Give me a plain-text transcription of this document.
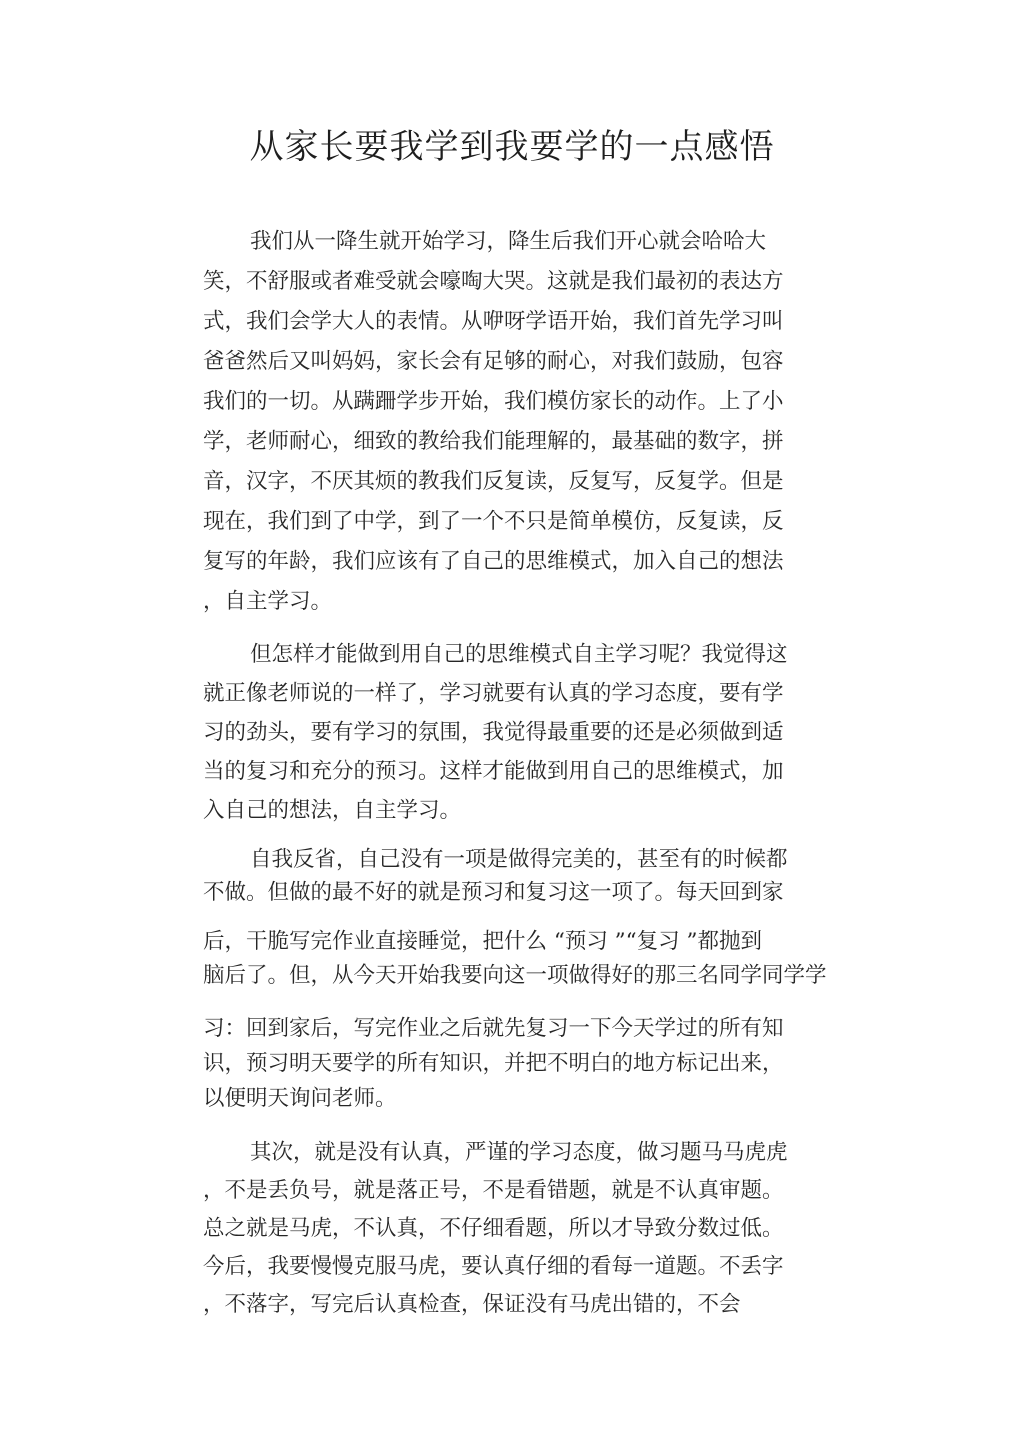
从家长要我学到我要学的一点感悟
我们从一降生就开始学习，降生后我们开心就会哈哈大
笑，不舒服或者难受就会嚎啕大哭。这就是我们最初的表达方
式，我们会学大人的表情。从咿呀学语开始，我们首先学习叫
爸爸然后又叫妈妈，家长会有足够的耐心，对我们鼓励，包容
我们的一切。从蹒跚学步开始，我们模仿家长的动作。上了小
学，老师耐心，细致的教给我们能理解的，最基础的数字，拼
音，汉字，不厌其烦的教我们反复读，反复写，反复学。但是
现在，我们到了中学，到了一个不只是简单模仿，反复读，反
复写的年龄，我们应该有了自己的思维模式，加入自己的想法
，自主学习。
但怎样才能做到用自己的思维模式自主学习呢？我觉得这
就正像老师说的一样了，学习就要有认真的学习态度，要有学
习的劲头，要有学习的氛围，我觉得最重要的还是必须做到适
当的复习和充分的预习。这样才能做到用自己的思维模式，加
入自己的想法，自主学习。
自我反省，自己没有一项是做得完美的，甚至有的时候都
不做。但做的最不好的就是预习和复习这一项了。每天回到家
后，干脆写完作业直接睡觉，把什么 “预习 ”“复习 ”都抛到
脑后了。但，从今天开始我要向这一项做得好的那三名同学同学学
习：回到家后，写完作业之后就先复习一下今天学过的所有知
识，预习明天要学的所有知识，并把不明白的地方标记出来，
以便明天询问老师。
其次，就是没有认真，严谨的学习态度，做习题马马虎虎
，不是丢负号，就是落正号，不是看错题，就是不认真审题。
总之就是马虎，不认真，不仔细看题，所以才导致分数过低。
今后，我要慢慢克服马虎，要认真仔细的看每一道题。不丢字
，不落字，写完后认真检查，保证没有马虎出错的，不会
